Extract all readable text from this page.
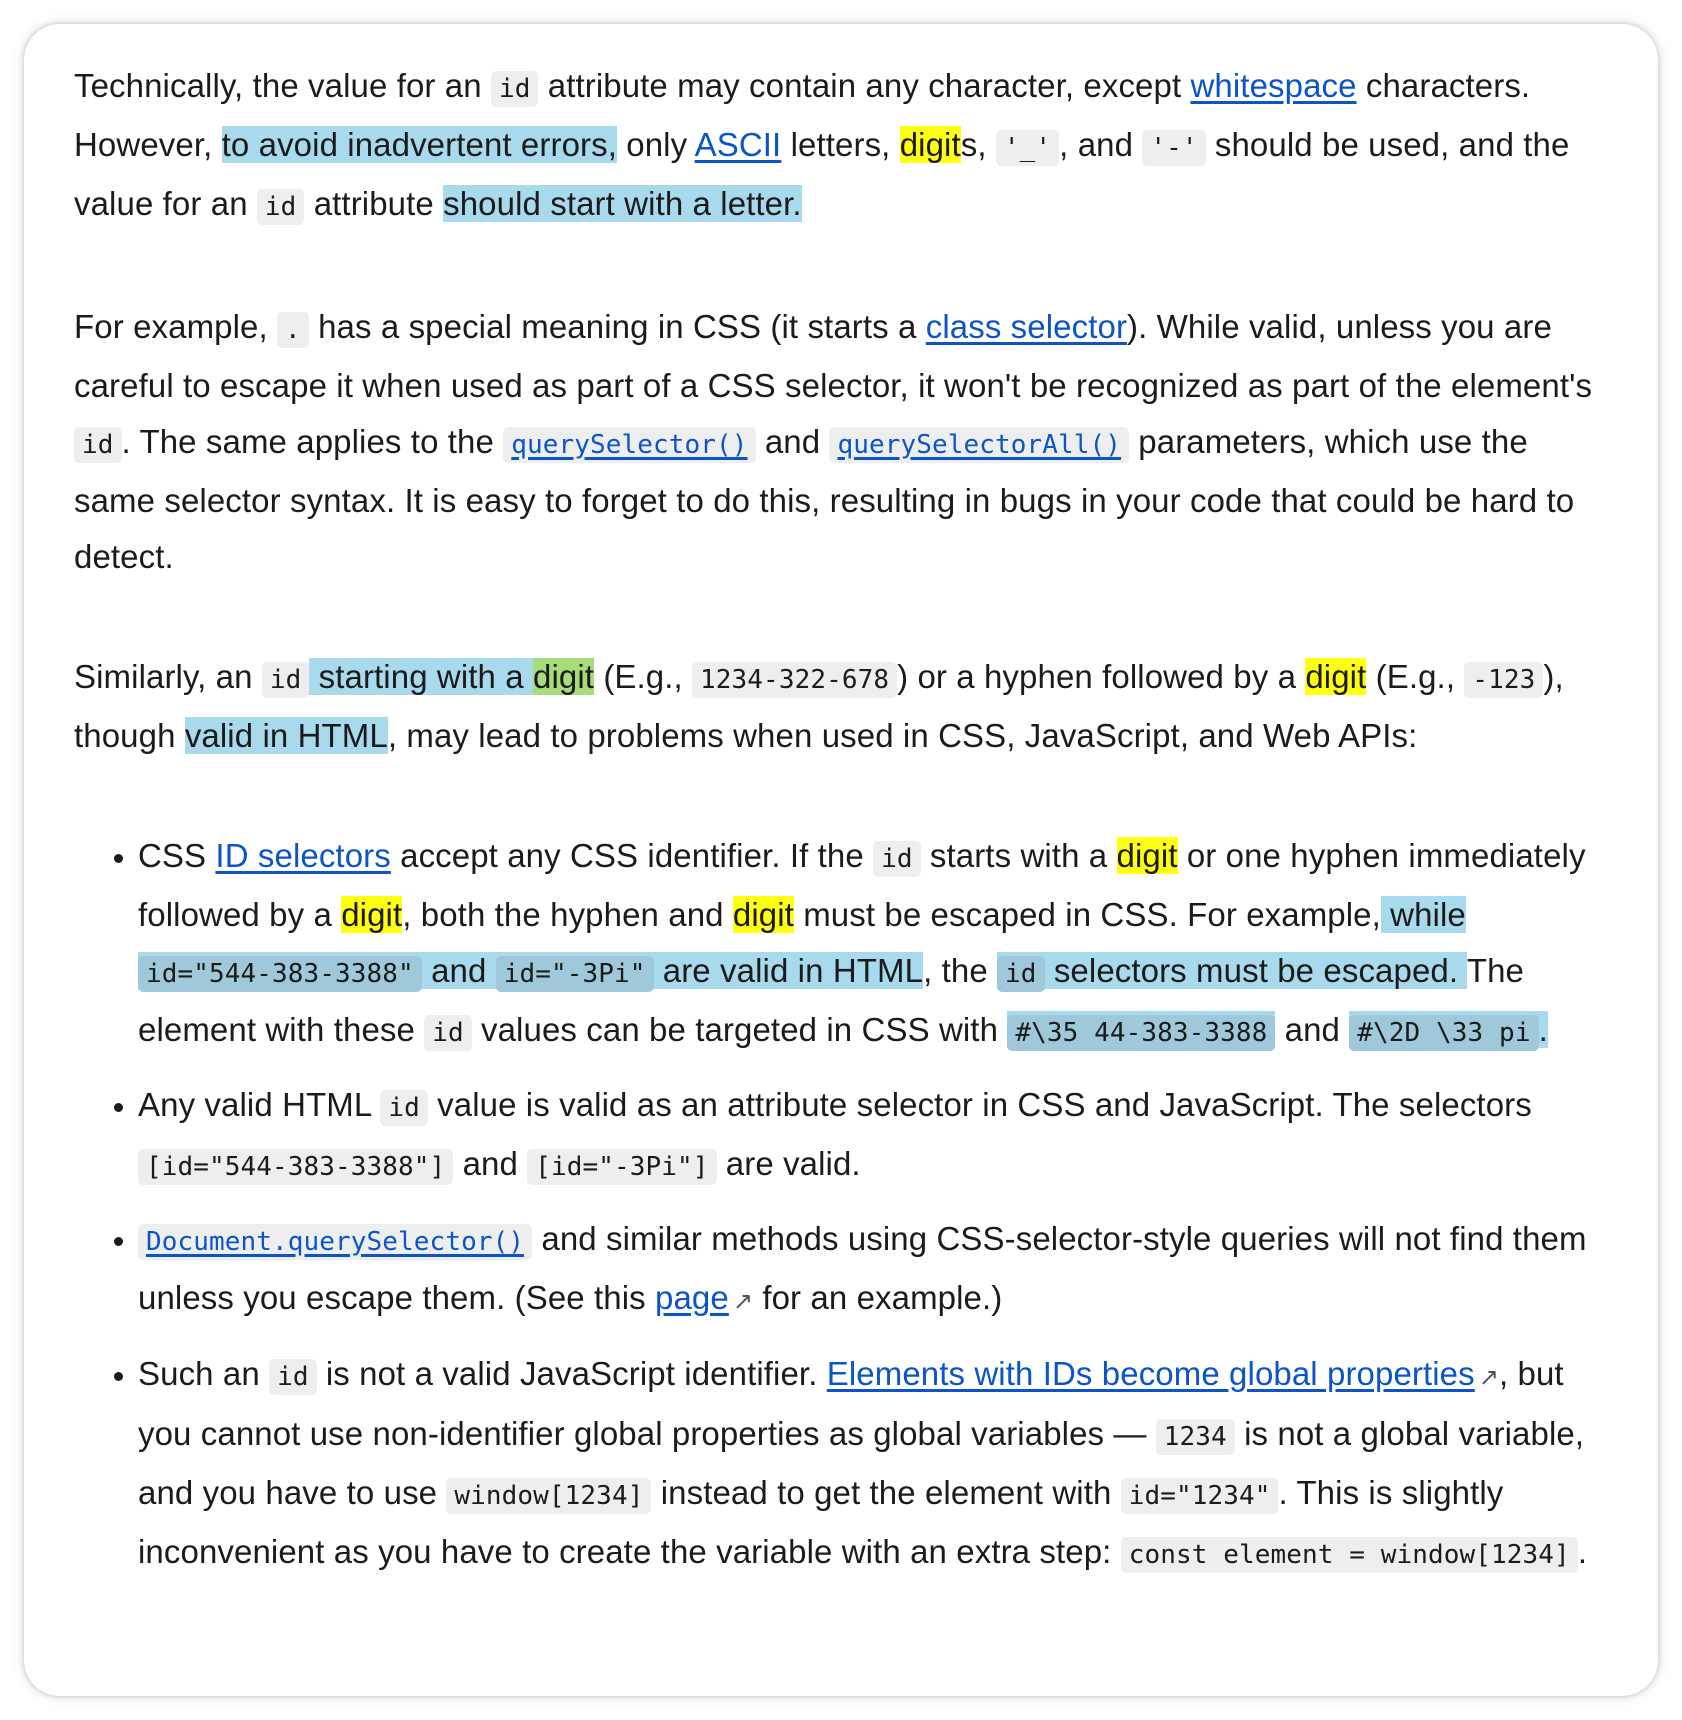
Technically, the value for an id attribute may contain any character, except whitespace characters. However, to avoid inadvertent errors, only ASCII letters, digits, '_' , and '-' should be used, and the value for an id attribute should start with a letter.

For example, . has a special meaning in CSS (it starts a class selector). While valid, unless you are careful to escape it when used as part of a CSS selector, it won't be recognized as part of the element's id . The same applies to the querySelector() and querySelectorAll() parameters, which use the same selector syntax. It is easy to forget to do this, resulting in bugs in your code that could be hard to detect.

Similarly, an id starting with a digit (E.g., 1234-322-678 ) or a hyphen followed by a digit (E.g., -123 ), though valid in HTML, may lead to problems when used in CSS, JavaScript, and Web APIs:

• CSS ID selectors accept any CSS identifier. If the id starts with a digit or one hyphen immediately followed by a digit, both the hyphen and digit must be escaped in CSS. For example, while id="544-383-3388" and id="-3Pi" are valid in HTML, the id selectors must be escaped. The element with these id values can be targeted in CSS with #\35 44-383-3388 and #\2D \33 pi .
• Any valid HTML id value is valid as an attribute selector in CSS and JavaScript. The selectors [id="544-383-3388"] and [id="-3Pi"] are valid.
• Document.querySelector() and similar methods using CSS-selector-style queries will not find them unless you escape them. (See this page ↗ for an example.)
• Such an id is not a valid JavaScript identifier. Elements with IDs become global properties ↗, but you cannot use non-identifier global properties as global variables — 1234 is not a global variable, and you have to use window[1234] instead to get the element with id="1234" . This is slightly inconvenient as you have to create the variable with an extra step: const element = window[1234] .
